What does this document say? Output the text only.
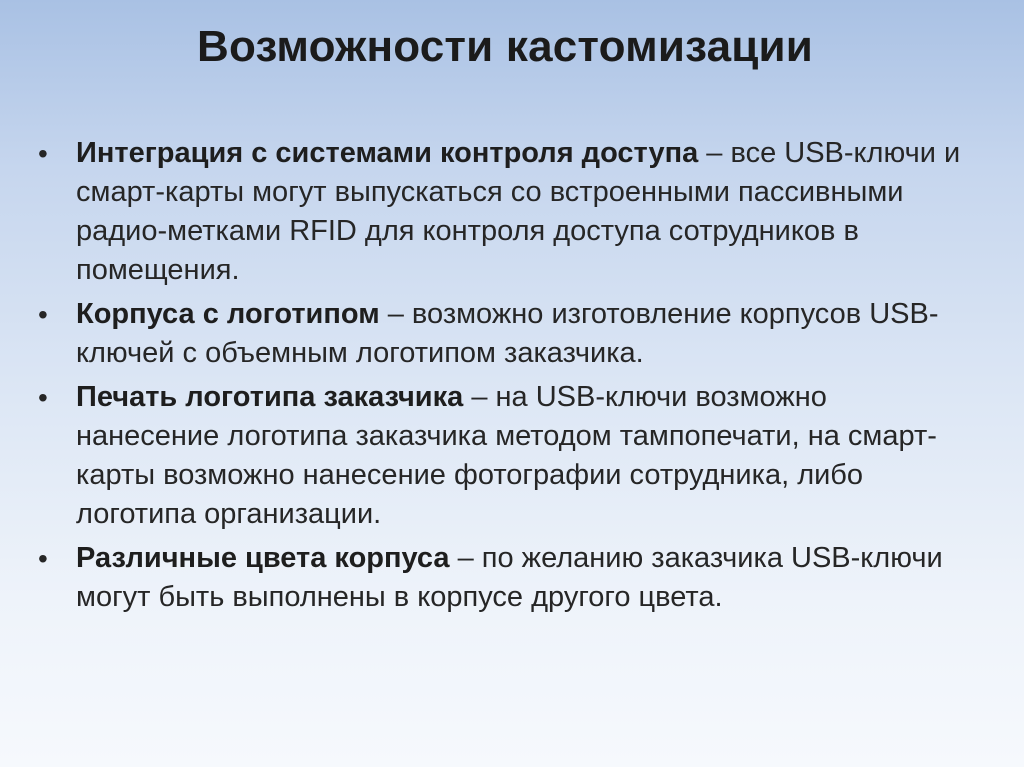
Возможности кастомизации
• Интеграция с системами контроля доступа – все USB-ключи и смарт-карты могут выпускаться со встроенными пассивными радио-метками RFID для контроля доступа сотрудников в помещения.
• Корпуса с логотипом – возможно изготовление корпусов USB-ключей с объемным логотипом заказчика.
• Печать логотипа заказчика – на USB-ключи возможно нанесение логотипа заказчика методом тампопечати, на смарт-карты возможно нанесение фотографии сотрудника, либо логотипа организации.
• Различные цвета корпуса – по желанию заказчика USB-ключи могут быть выполнены в корпусе другого цвета.
